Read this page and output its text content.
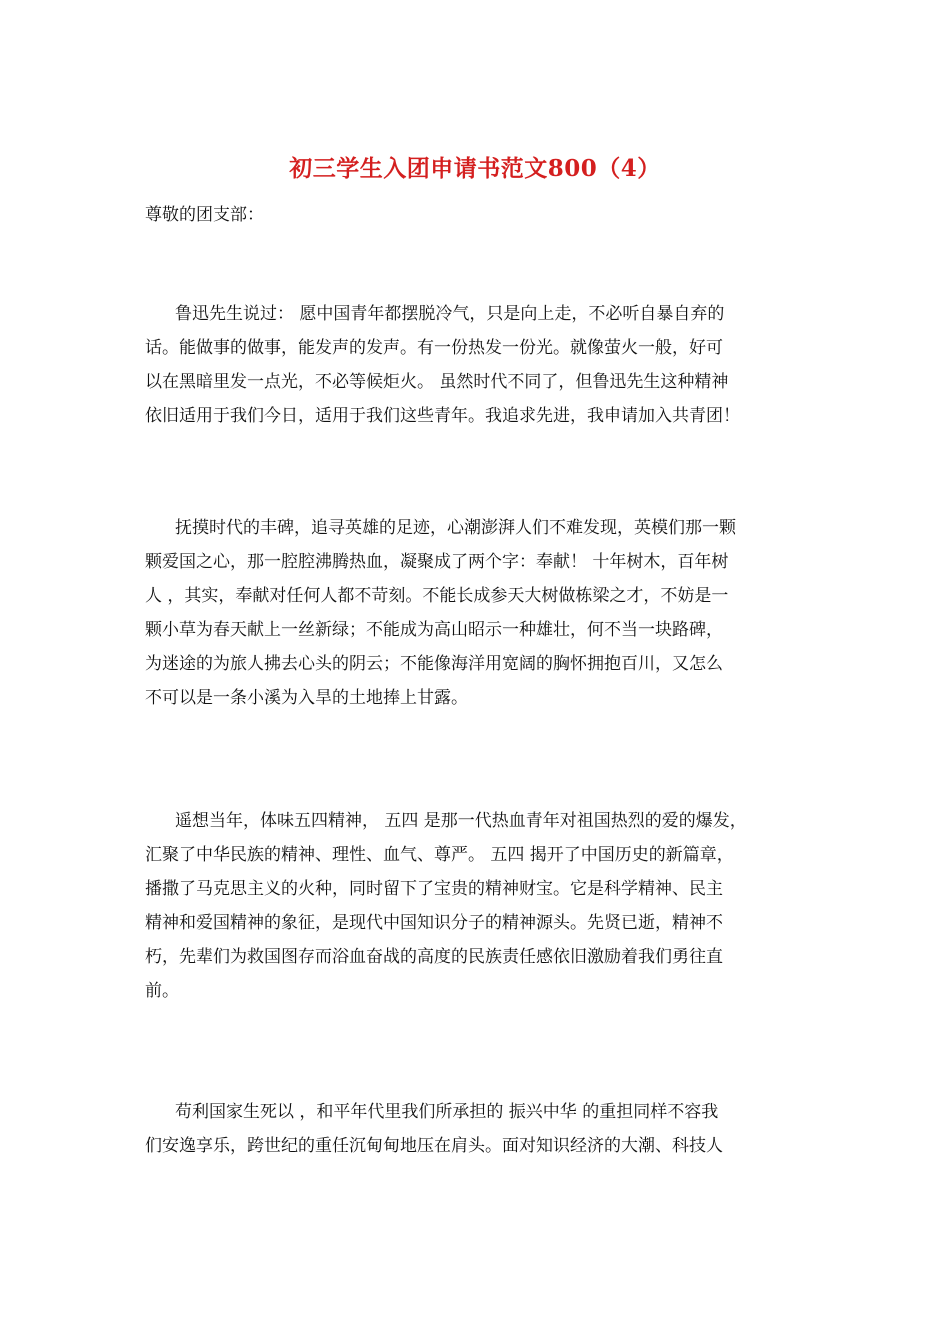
初三学生入团申请书范文800（4）
尊敬的团支部：
鲁迅先生说过： 愿中国青年都摆脱冷气，只是向上走，不必听自暴自弃的
话。能做事的做事，能发声的发声。有一份热发一份光。就像萤火一般，好可
以在黑暗里发一点光，不必等候炬火。 虽然时代不同了，但鲁迅先生这种精神
依旧适用于我们今日，适用于我们这些青年。我追求先进，我申请加入共青团！
抚摸时代的丰碑，追寻英雄的足迹，心潮澎湃人们不难发现，英模们那一颗
颗爱国之心，那一腔腔沸腾热血，凝聚成了两个字：奉献！ 十年树木，百年树
人 ，其实，奉献对任何人都不苛刻。不能长成参天大树做栋梁之才，不妨是一
颗小草为春天献上一丝新绿；不能成为高山昭示一种雄壮，何不当一块路碑，
为迷途的为旅人拂去心头的阴云；不能像海洋用宽阔的胸怀拥抱百川，又怎么
不可以是一条小溪为入旱的土地捧上甘露。
遥想当年，体味五四精神， 五四 是那一代热血青年对祖国热烈的爱的爆发，
汇聚了中华民族的精神、理性、血气、尊严。 五四 揭开了中国历史的新篇章，
播撒了马克思主义的火种，同时留下了宝贵的精神财宝。它是科学精神、民主
精神和爱国精神的象征，是现代中国知识分子的精神源头。先贤已逝，精神不
朽，先辈们为救国图存而浴血奋战的高度的民族责任感依旧激励着我们勇往直
前。
苟利国家生死以 ，和平年代里我们所承担的 振兴中华 的重担同样不容我
们安逸享乐，跨世纪的重任沉甸甸地压在肩头。面对知识经济的大潮、科技人
